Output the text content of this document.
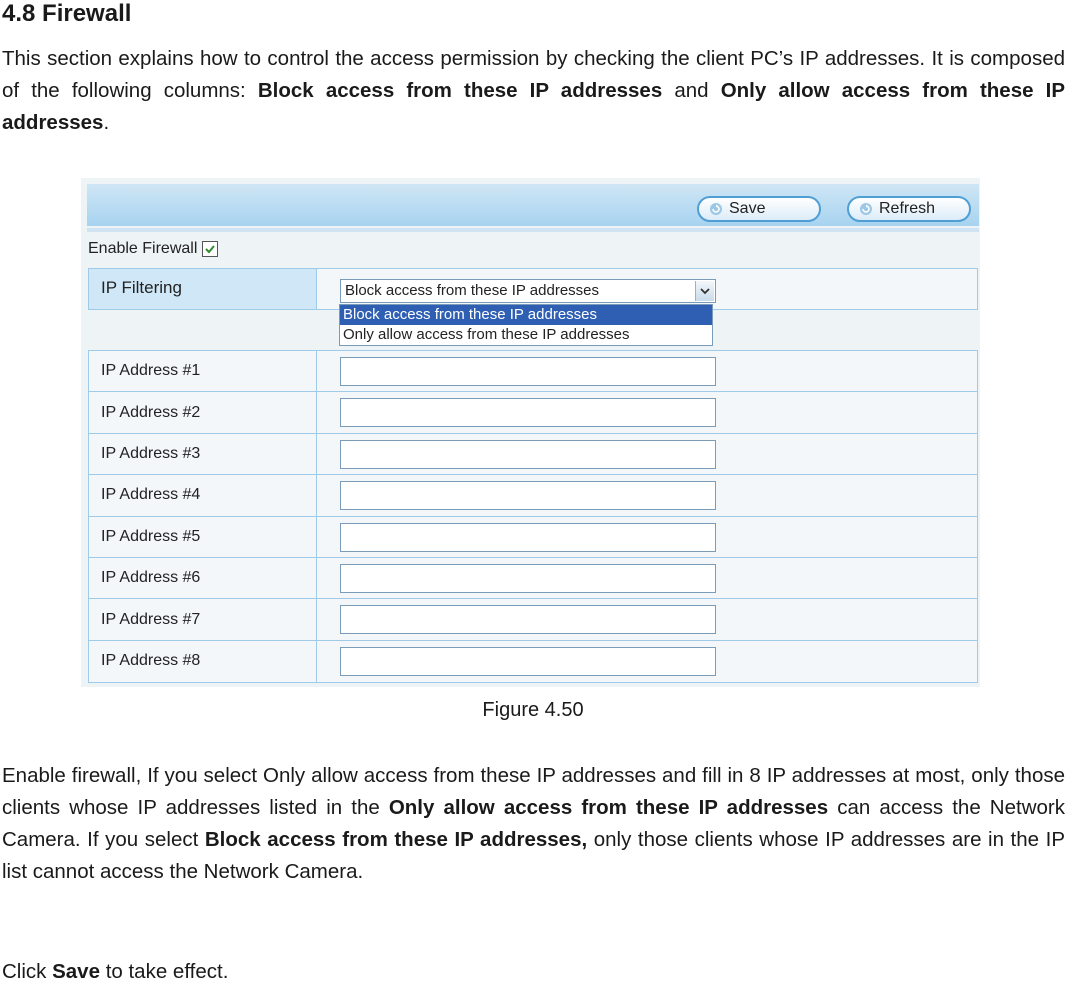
4.8 Firewall

This section explains how to control the access permission by checking the client PC’s IP addresses. It is composed of the following columns: Block access from these IP addresses and Only allow access from these IP addresses.

Save	Refresh
Enable Firewall
IP Filtering	Block access from these IP addresses
Block access from these IP addresses
Only allow access from these IP addresses
IP Address #1
IP Address #2
IP Address #3
IP Address #4
IP Address #5
IP Address #6
IP Address #7
IP Address #8

Figure 4.50

Enable firewall, If you select Only allow access from these IP addresses and fill in 8 IP addresses at most, only those clients whose IP addresses listed in the Only allow access from these IP addresses can access the Network Camera. If you select Block access from these IP addresses, only those clients whose IP addresses are in the IP list cannot access the Network Camera.

Click Save to take effect.
